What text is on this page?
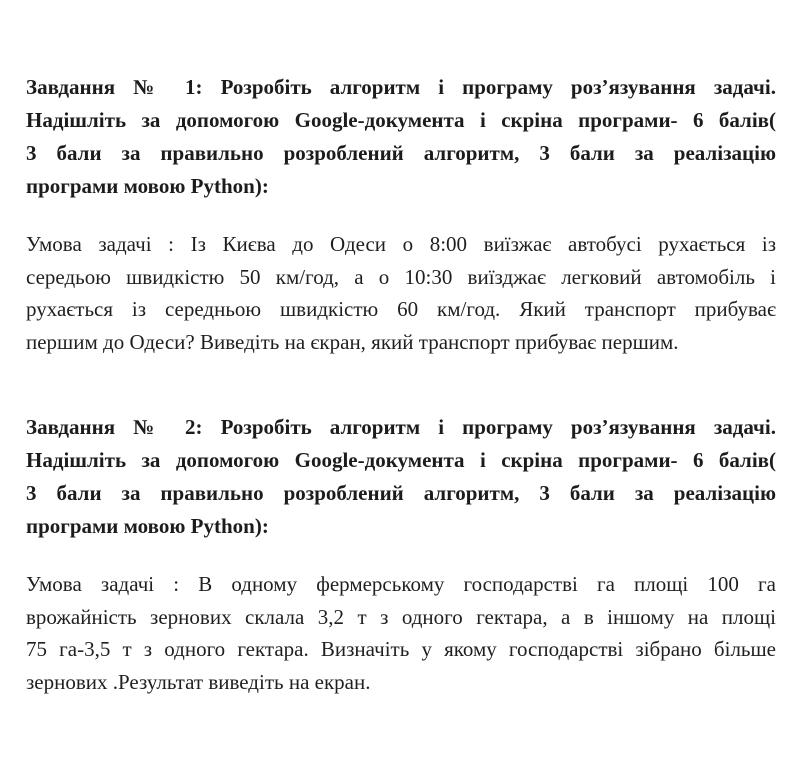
Завдання № 1: Розробіть алгоритм і програму роз’язування задачі.
Надішліть за допомогою Google-документа і скріна програми- 6 балів(
3 бали за правильно розроблений алгоритм, 3 бали за реалізацію
програми мовою Python):
Умова задачі : Із Києва до Одеси о 8:00 виїзжає автобусі рухається із
середьою швидкістю 50 км/год, а о 10:30 виїзджає легковий автомобіль і
рухається із середньою швидкістю 60 км/год. Який транспорт прибуває
першим до Одеси? Виведіть на єкран, який транспорт прибуває першим.
Завдання № 2: Розробіть алгоритм і програму роз’язування задачі.
Надішліть за допомогою Google-документа і скріна програми- 6 балів(
3 бали за правильно розроблений алгоритм, 3 бали за реалізацію
програми мовою Python):
Умова задачі : В одному фермерському господарстві га площі 100 га
врожайність зернових склала 3,2 т з одного гектара, а в іншому на площі
75 га-3,5 т з одного гектара. Визначіть у якому господарстві зібрано більше
зернових .Результат виведіть на екран.
